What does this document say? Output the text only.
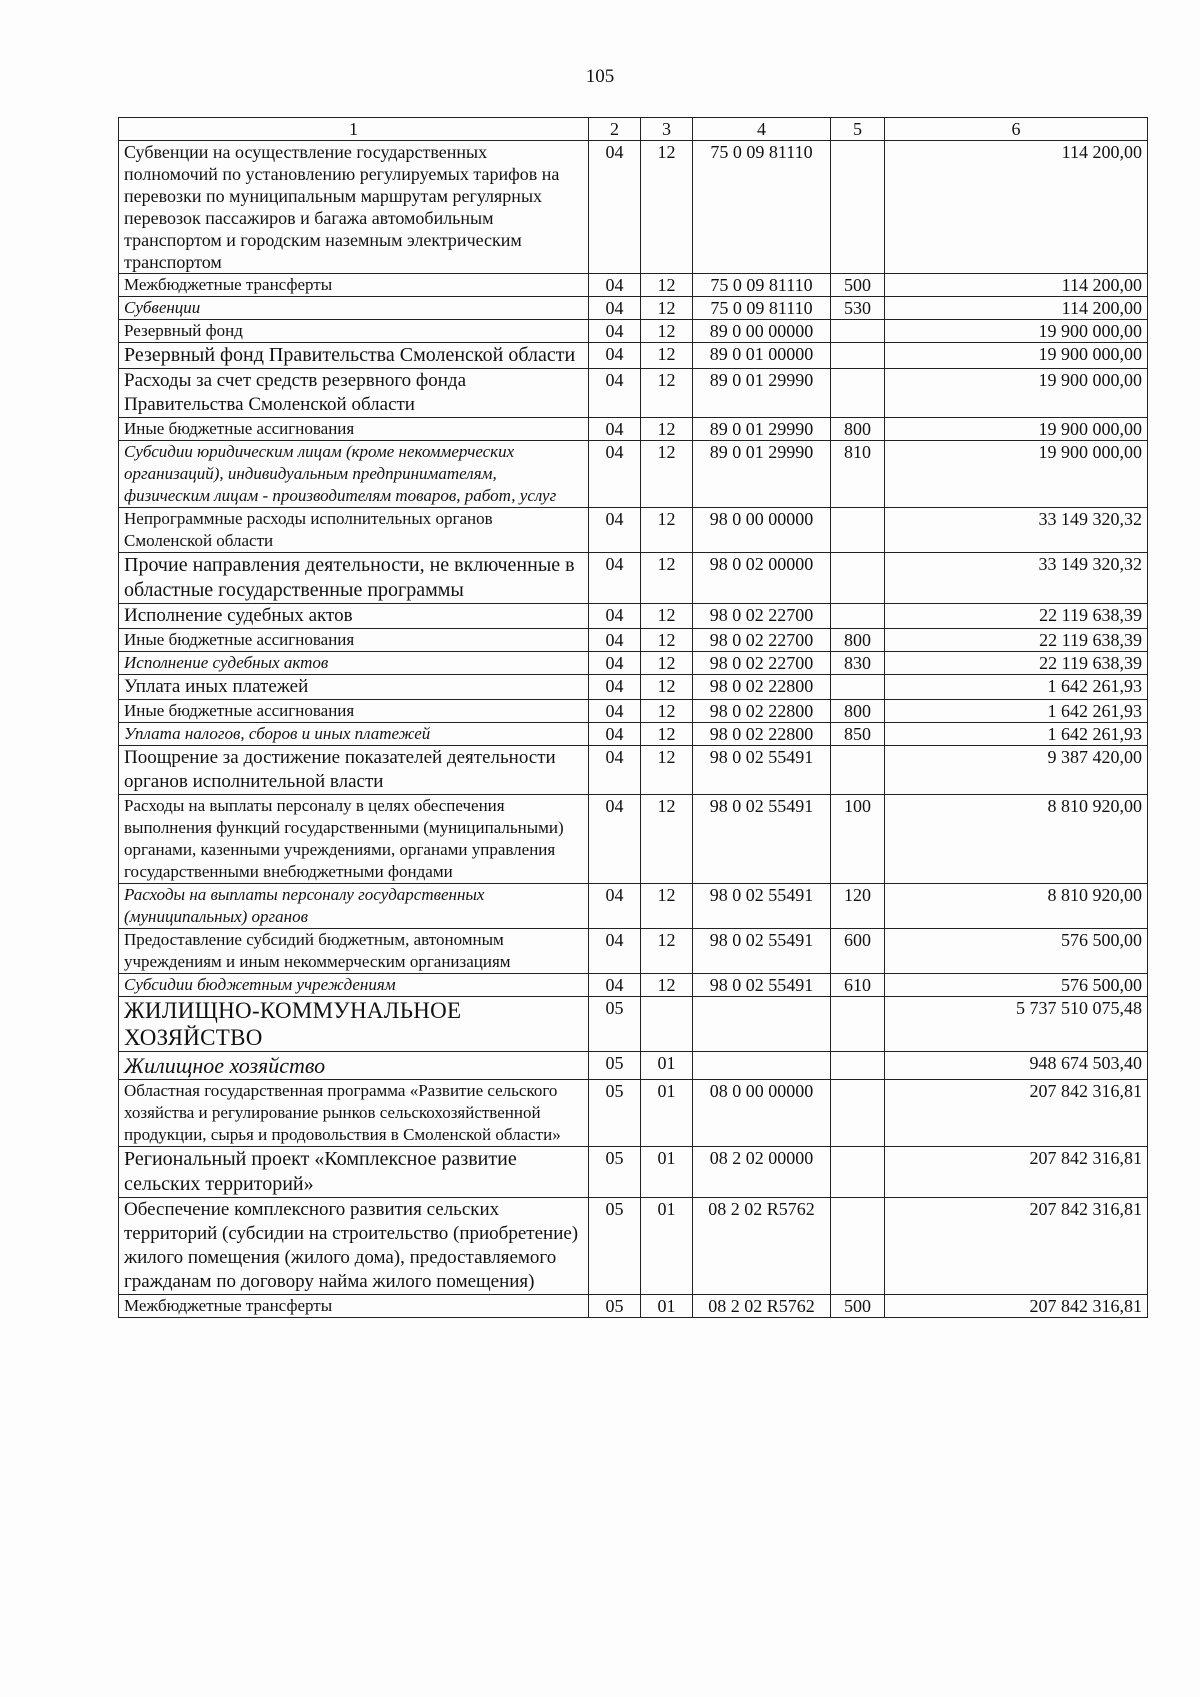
105
1	2	3	4	5	6
Субвенции на осуществление государственных полномочий по установлению регулируемых тарифов на перевозки по муниципальным маршрутам регулярных перевозок пассажиров и багажа автомобильным транспортом и городским наземным электрическим транспортом	04	12	75 0 09 81110		114 200,00
Межбюджетные трансферты	04	12	75 0 09 81110	500	114 200,00
Субвенции	04	12	75 0 09 81110	530	114 200,00
Резервный фонд	04	12	89 0 00 00000		19 900 000,00
Резервный фонд Правительства Смоленской области	04	12	89 0 01 00000		19 900 000,00
Расходы за счет средств резервного фонда Правительства Смоленской области	04	12	89 0 01 29990		19 900 000,00
Иные бюджетные ассигнования	04	12	89 0 01 29990	800	19 900 000,00
Субсидии юридическим лицам (кроме некоммерческих организаций), индивидуальным предпринимателям, физическим лицам - производителям товаров, работ, услуг	04	12	89 0 01 29990	810	19 900 000,00
Непрограммные расходы исполнительных органов Смоленской области	04	12	98 0 00 00000		33 149 320,32
Прочие направления деятельности, не включенные в областные государственные программы	04	12	98 0 02 00000		33 149 320,32
Исполнение судебных актов	04	12	98 0 02 22700		22 119 638,39
Иные бюджетные ассигнования	04	12	98 0 02 22700	800	22 119 638,39
Исполнение судебных актов	04	12	98 0 02 22700	830	22 119 638,39
Уплата иных платежей	04	12	98 0 02 22800		1 642 261,93
Иные бюджетные ассигнования	04	12	98 0 02 22800	800	1 642 261,93
Уплата налогов, сборов и иных платежей	04	12	98 0 02 22800	850	1 642 261,93
Поощрение за достижение показателей деятельности органов исполнительной власти	04	12	98 0 02 55491		9 387 420,00
Расходы на выплаты персоналу в целях обеспечения выполнения функций государственными (муниципальными) органами, казенными учреждениями, органами управления государственными внебюджетными фондами	04	12	98 0 02 55491	100	8 810 920,00
Расходы на выплаты персоналу государственных (муниципальных) органов	04	12	98 0 02 55491	120	8 810 920,00
Предоставление субсидий бюджетным, автономным учреждениям и иным некоммерческим организациям	04	12	98 0 02 55491	600	576 500,00
Субсидии бюджетным учреждениям	04	12	98 0 02 55491	610	576 500,00
ЖИЛИЩНО-КОММУНАЛЬНОЕ ХОЗЯЙСТВО	05				5 737 510 075,48
Жилищное хозяйство	05	01			948 674 503,40
Областная государственная программа «Развитие сельского хозяйства и регулирование рынков сельскохозяйственной продукции, сырья и продовольствия в Смоленской области»	05	01	08 0 00 00000		207 842 316,81
Региональный проект «Комплексное развитие сельских территорий»	05	01	08 2 02 00000		207 842 316,81
Обеспечение комплексного развития сельских территорий (субсидии на строительство (приобретение) жилого помещения (жилого дома), предоставляемого гражданам по договору найма жилого помещения)	05	01	08 2 02 R5762		207 842 316,81
Межбюджетные трансферты	05	01	08 2 02 R5762	500	207 842 316,81
